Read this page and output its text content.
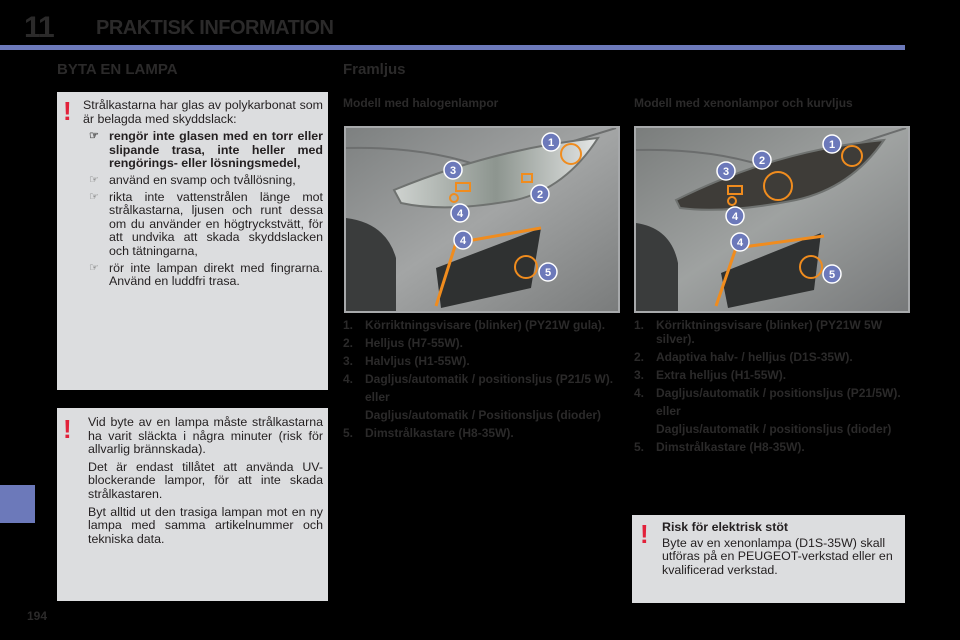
11 PRAKTISK INFORMATION
BYTA EN LAMPA	Framljus
! Strålkastarna har glas av polykarbonat som är belagda med skyddslack:

☞ rengör inte glasen med en torr eller slipande trasa, inte heller med rengörings- eller lösningsmedel,
☞ använd en svamp och tvållösning,
☞ rikta inte vattenstrålen länge mot strålkastarna, ljusen och runt dessa om du använder en högtryckstvätt, för att undvika att skada skyddslacken och tätningarna,
☞ rör inte lampan direkt med fingrarna. Använd en luddfri trasa.
! Vid byte av en lampa måste strålkastarna ha varit släckta i några minuter (risk för allvarlig brännskada).

Det är endast tillåtet att använda UV-blockerande lampor, för att inte skada strålkastaren.

Byt alltid ut den trasiga lampan mot en ny lampa med samma artikelnummer och tekniska data.

Modell med halogenlampor
1
2
3
4
4
5
1. Körriktningsvisare (blinker) (PY21W gula).
2. Helljus (H7-55W).
3. Halvljus (H1-55W).
4. Dagljus/automatik / positionsljus (P21/5 W).
eller
Dagljus/automatik / Positionsljus (dioder)
5. Dimstrålkastare (H8-35W).
Modell med xenonlampor och kurvljus
1
2
3
4
4
5
1. Körriktningsvisare (blinker) (PY21W 5W silver).
2. Adaptiva halv- / helljus (D1S-35W).
3. Extra helljus (H1-55W).
4. Dagljus/automatik / positionsljus (P21/5W).
eller
Dagljus/automatik / positionsljus (dioder)
5. Dimstrålkastare (H8-35W).
! Risk för elektrisk stöt
Byte av en xenonlampa (D1S-35W) skall utföras på en PEUGEOT-verkstad eller en kvalificerad verkstad.
194
